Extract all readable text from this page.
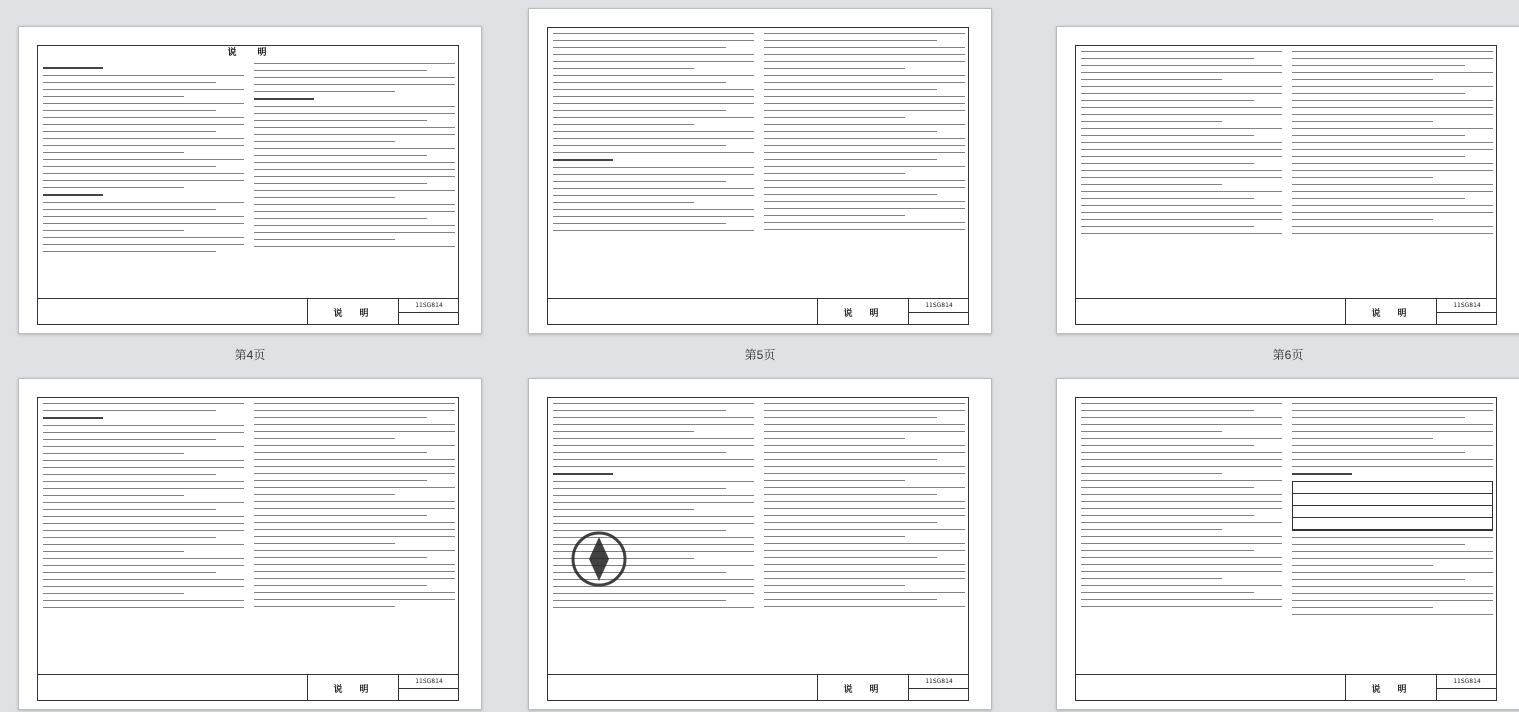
说　明
说　明
11SG814
第4页
说　明
11SG814
第5页
说　明
11SG814
第6页
说　明
11SG814
说　明
11SG814
说　明
11SG814
